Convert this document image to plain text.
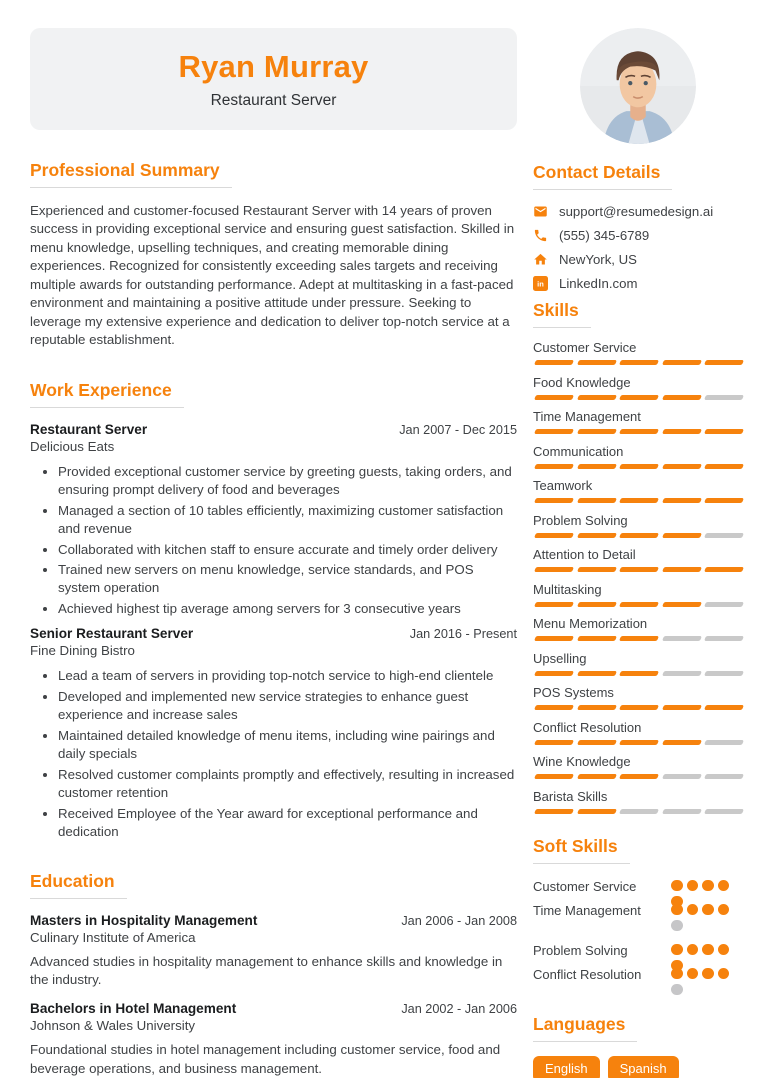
Ryan Murray
Restaurant Server
Professional Summary

Experienced and customer-focused Restaurant Server with 14 years of proven success in providing exceptional service and ensuring guest satisfaction. Skilled in menu knowledge, upselling techniques, and creating memorable dining experiences. Recognized for consistently exceeding sales targets and receiving multiple awards for outstanding performance. Adept at multitasking in a fast-paced environment and maintaining a positive attitude under pressure. Seeking to leverage my extensive experience and dedication to deliver top-notch service at a reputable establishment.

Work Experience
Restaurant Server	Jan 2007 - Dec 2015
Delicious Eats
• Provided exceptional customer service by greeting guests, taking orders, and ensuring prompt delivery of food and beverages
• Managed a section of 10 tables efficiently, maximizing customer satisfaction and revenue
• Collaborated with kitchen staff to ensure accurate and timely order delivery
• Trained new servers on menu knowledge, service standards, and POS system operation
• Achieved highest tip average among servers for 3 consecutive years
Senior Restaurant Server	Jan 2016 - Present
Fine Dining Bistro
• Lead a team of servers in providing top-notch service to high-end clientele
• Developed and implemented new service strategies to enhance guest experience and increase sales
• Maintained detailed knowledge of menu items, including wine pairings and daily specials
• Resolved customer complaints promptly and effectively, resulting in increased customer retention
• Received Employee of the Year award for exceptional performance and dedication
Education
Masters in Hospitality Management	Jan 2006 - Jan 2008
Culinary Institute of America

Advanced studies in hospitality management to enhance skills and knowledge in the industry.

Bachelors in Hotel Management	Jan 2002 - Jan 2006
Johnson & Wales University

Foundational studies in hotel management including customer service, food and beverage operations, and business management.

Contact Details
support@resumedesign.ai
(555) 345-6789
NewYork, US
in LinkedIn.com
Skills
Customer Service
Food Knowledge
Time Management
Communication
Teamwork
Problem Solving
Attention to Detail
Multitasking
Menu Memorization
Upselling
POS Systems
Conflict Resolution
Wine Knowledge
Barista Skills
Soft Skills
Customer Service
Time Management
Problem Solving
Conflict Resolution
Languages
English	Spanish
